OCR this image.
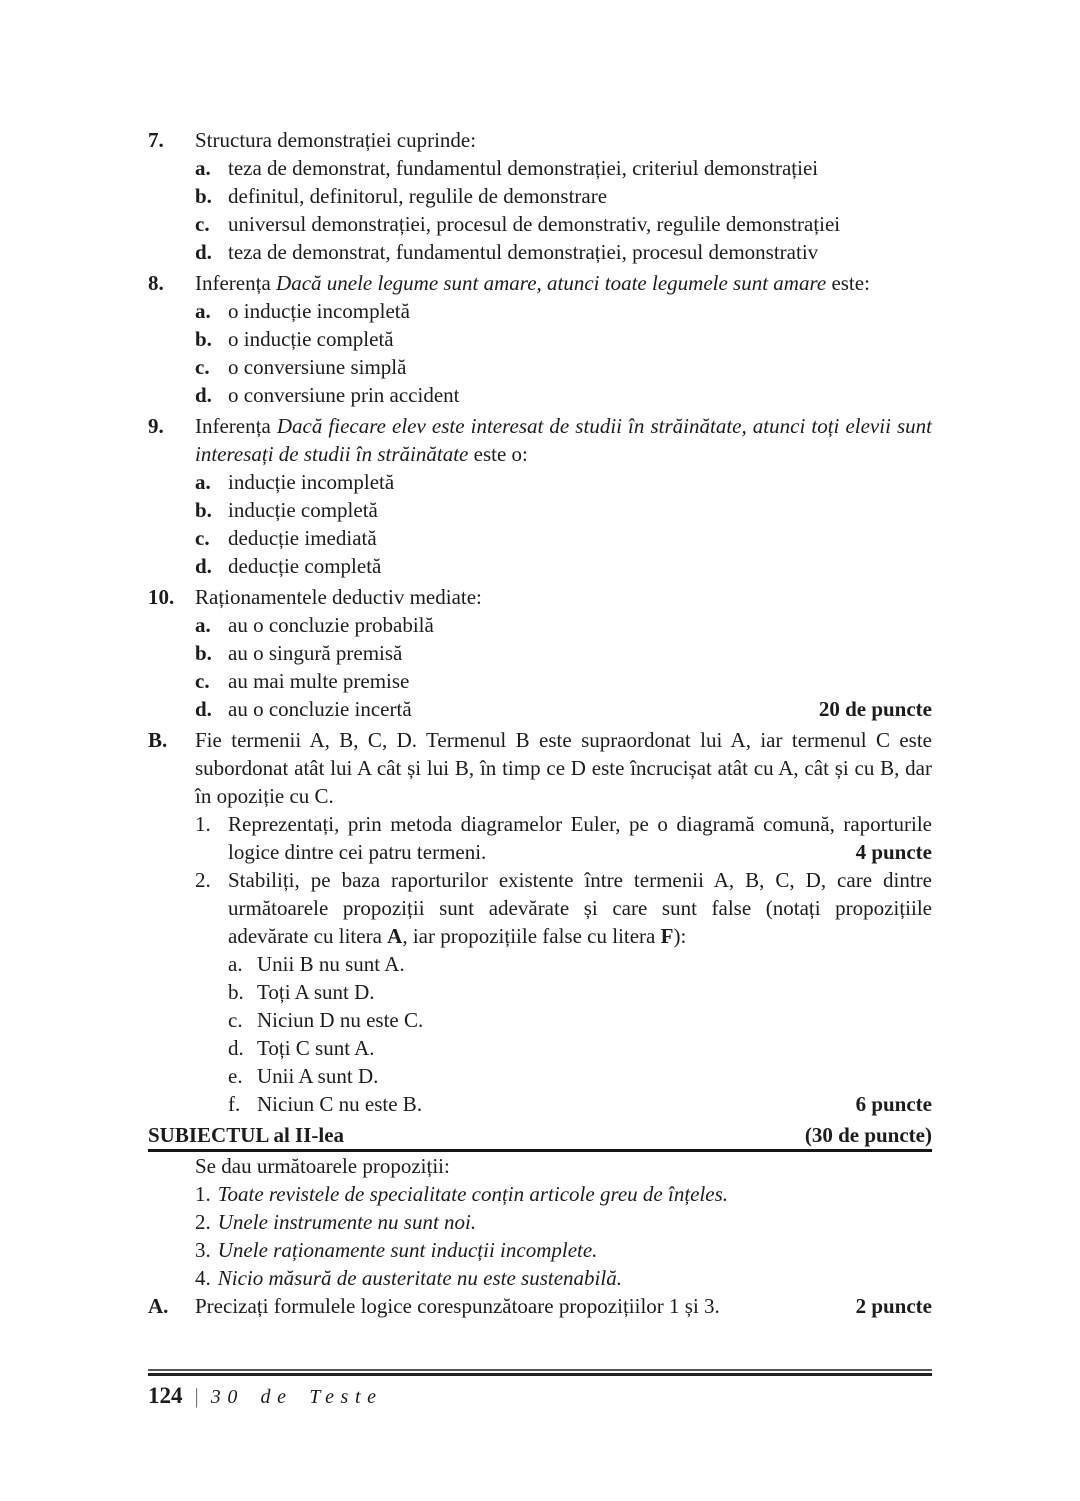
7.	Structura demonstrației cuprinde:

a. teza de demonstrat, fundamentul demonstrației, criteriul demonstrației
b. definitul, definitorul, regulile de demonstrare
c. universul demonstrației, procesul de demonstrativ, regulile demonstrației
d. teza de demonstrat, fundamentul demonstrației, procesul demonstrativ
8.	Inferența Dacă unele legume sunt amare, atunci toate legumele sunt amare este:

a. o inducție incompletă
b. o inducție completă
c. o conversiune simplă
d. o conversiune prin accident
9.	Inferența Dacă fiecare elev este interesat de studii în străinătate, atunci toți elevii sunt interesați de studii în străinătate este o:

a. inducție incompletă
b. inducție completă
c. deducție imediată
d. deducție completă
10. Raționamentele deductiv mediate:

a. au o concluzie probabilă
b. au o singură premisă
c. au mai multe premise
d. au o concluzie incertă	20 de puncte
B.	Fie termenii A, B, C, D. Termenul B este supraordonat lui A, iar termenul C este subordonat atât lui A cât și lui B, în timp ce D este încrucișat atât cu A, cât și cu B, dar în opoziție cu C.

1. Reprezentați, prin metoda diagramelor Euler, pe o diagramă comună, raporturile logice dintre cei patru termeni.	4 puncte

2. Stabiliți, pe baza raporturilor existente între termenii A, B, C, D, care dintre următoarele propoziții sunt adevărate și care sunt false (notați propozițiile adevărate cu litera A, iar propozițiile false cu litera F):

a. Unii B nu sunt A.
b. Toți A sunt D.
c. Niciun D nu este C.
d. Toți C sunt A.
e. Unii A sunt D.
f. Niciun C nu este B.	6 puncte
SUBIECTUL al II-lea	(30 de puncte)

Se dau următoarele propoziții:

1. Toate revistele de specialitate conțin articole greu de înțeles.

2. Unele instrumente nu sunt noi.

3. Unele raționamente sunt inducții incomplete.

4. Nicio măsură de austeritate nu este sustenabilă.

A.	Precizați formulele logice corespunzătoare propozițiilor 1 și 3.	2 puncte
124 | 30 de Teste
